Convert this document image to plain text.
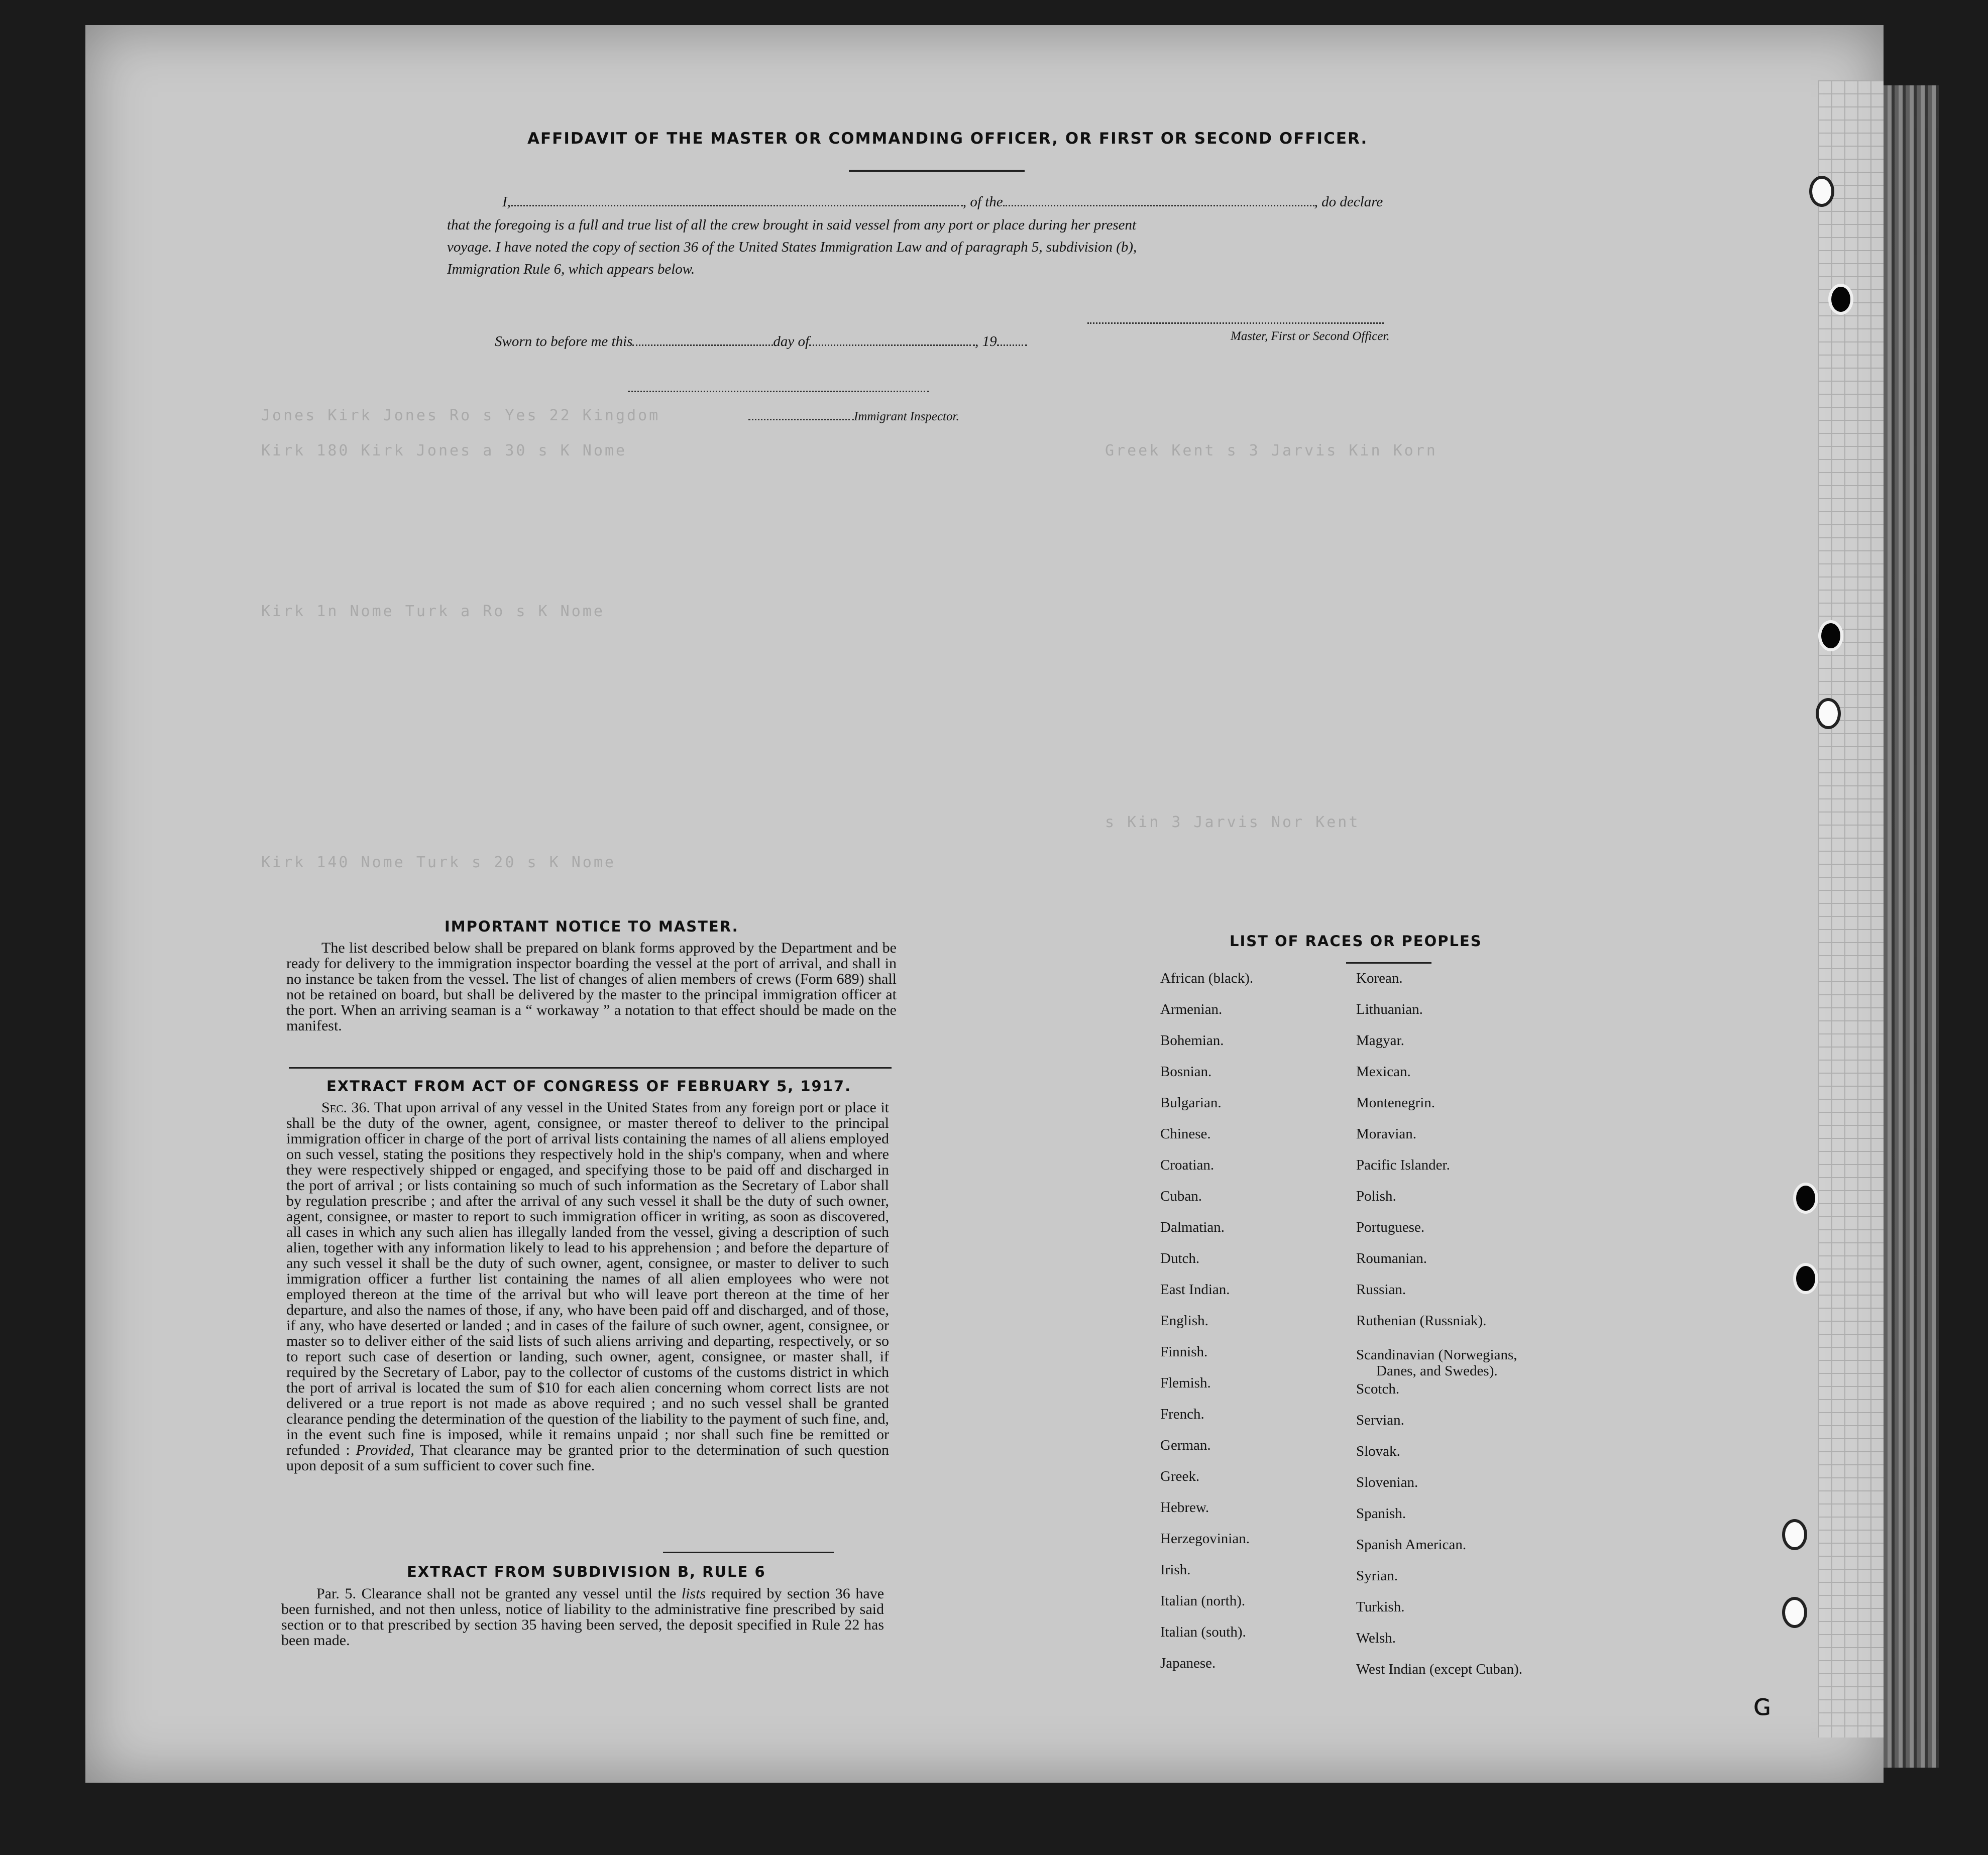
Jones Kirk Jones Ro s Yes 22 Kingdom
Kirk 180 Kirk Jones a 30 s K Nome
Kirk 1n Nome Turk a Ro s K Nome
Kirk 140 Nome Turk s 20 s K Nome
Greek Kent s 3 Jarvis Kin Korn
s Kin 3 Jarvis Nor Kent
AFFIDAVIT OF THE MASTER OR COMMANDING OFFICER, OR FIRST OR SECOND OFFICER.
I,	, of the	, do declare
that the foregoing is a full and true list of all the crew brought in said vessel from any port or place during her present
voyage. I have noted the copy of section 36 of the United States Immigration Law and of paragraph 5, subdivision (b),
Immigration Rule 6, which appears below.
Master, First or Second Officer.
Sworn to before me this	day of	, 19
Immigrant Inspector.
IMPORTANT NOTICE TO MASTER.

The list described below shall be prepared on blank forms approved by the Department and be ready for delivery to the immigration inspector boarding the vessel at the port of arrival, and shall in no instance be taken from the vessel. The list of changes of alien members of crews (Form 689) shall not be retained on board, but shall be delivered by the master to the principal immigration officer at the port. When an arriving seaman is a “ workaway ” a notation to that effect should be made on the manifest.

EXTRACT FROM ACT OF CONGRESS OF FEBRUARY 5, 1917.

Sec. 36. That upon arrival of any vessel in the United States from any foreign port or place it shall be the duty of the owner, agent, consignee, or master thereof to deliver to the principal immigration officer in charge of the port of arrival lists containing the names of all aliens employed on such vessel, stating the positions they respectively hold in the ship's company, when and where they were respectively shipped or engaged, and specifying those to be paid off and discharged in the port of arrival ; or lists containing so much of such information as the Secretary of Labor shall by regulation prescribe ; and after the arrival of any such vessel it shall be the duty of such owner, agent, consignee, or master to report to such immigration officer in writing, as soon as discovered, all cases in which any such alien has illegally landed from the vessel, giving a description of such alien, together with any information likely to lead to his apprehension ; and before the departure of any such vessel it shall be the duty of such owner, agent, consignee, or master to deliver to such immigration officer a further list containing the names of all alien employees who were not employed thereon at the time of the arrival but who will leave port thereon at the time of her departure, and also the names of those, if any, who have been paid off and discharged, and of those, if any, who have deserted or landed ; and in cases of the failure of such owner, agent, consignee, or master so to deliver either of the said lists of such aliens arriving and departing, respectively, or so to report such case of desertion or landing, such owner, agent, consignee, or master shall, if required by the Secretary of Labor, pay to the collector of customs of the customs district in which the port of arrival is located the sum of $10 for each alien concerning whom correct lists are not delivered or a true report is not made as above required ; and no such vessel shall be granted clearance pending the determination of the question of the liability to the payment of such fine, and, in the event such fine is imposed, while it remains unpaid ; nor shall such fine be remitted or refunded : Provided, That clearance may be granted prior to the determination of such question upon deposit of a sum sufficient to cover such fine.

EXTRACT FROM SUBDIVISION B, RULE 6

Par. 5. Clearance shall not be granted any vessel until the lists required by section 36 have been furnished, and not then unless, notice of liability to the administrative fine prescribed by said section or to that prescribed by section 35 having been served, the deposit specified in Rule 22 has been made.

LIST OF RACES OR PEOPLES
African (black).
Armenian.
Bohemian.
Bosnian.
Bulgarian.
Chinese.
Croatian.
Cuban.
Dalmatian.
Dutch.
East Indian.
English.
Finnish.
Flemish.
French.
German.
Greek.
Hebrew.
Herzegovinian.
Irish.
Italian (north).
Italian (south).
Japanese.
Korean.
Lithuanian.
Magyar.
Mexican.
Montenegrin.
Moravian.
Pacific Islander.
Polish.
Portuguese.
Roumanian.
Russian.
Ruthenian (Russniak).
Scandinavian (Norwegians,
Danes, and Swedes).
Scotch.
Servian.
Slovak.
Slovenian.
Spanish.
Spanish American.
Syrian.
Turkish.
Welsh.
West Indian (except Cuban).
ɢ
